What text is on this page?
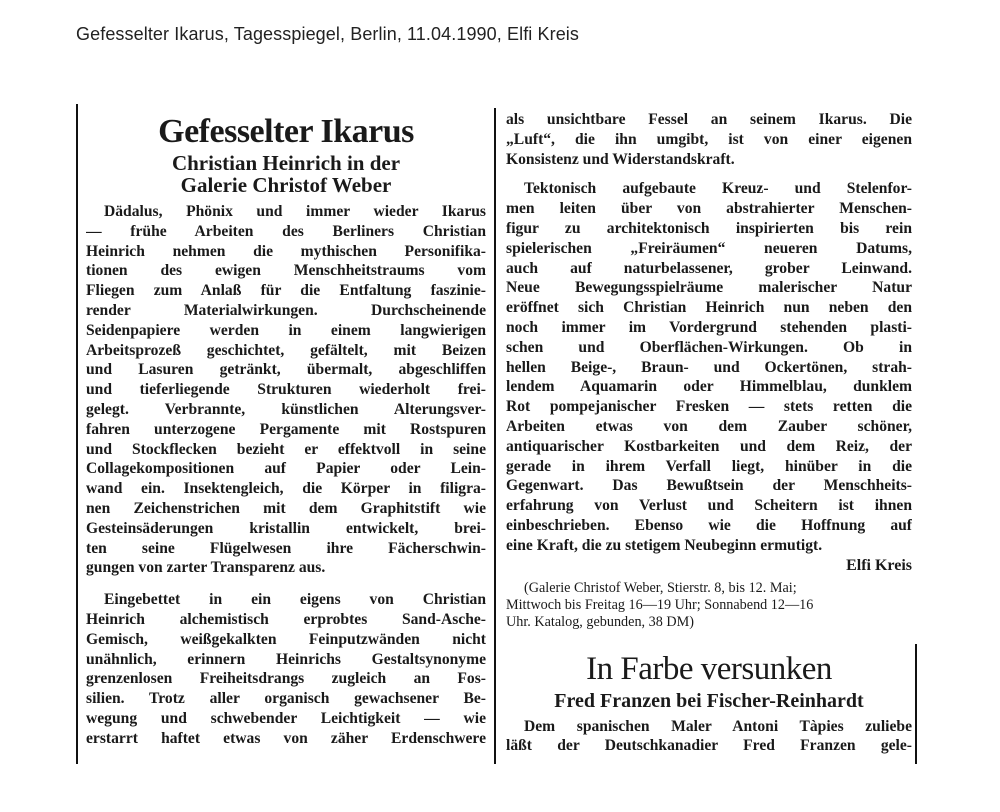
Gefesselter Ikarus, Tagesspiegel, Berlin, 11.04.1990, Elfi Kreis
Gefesselter Ikarus
Christian Heinrich in der
Galerie Christof Weber
Dädalus, Phönix und immer wieder Ikarus
— frühe Arbeiten des Berliners Christian
Heinrich nehmen die mythischen Personifika-
tionen des ewigen Menschheitstraums vom
Fliegen zum Anlaß für die Entfaltung faszinie-
render Materialwirkungen. Durchscheinende
Seidenpapiere werden in einem langwierigen
Arbeitsprozeß geschichtet, gefältelt, mit Beizen
und Lasuren getränkt, übermalt, abgeschliffen
und tieferliegende Strukturen wiederholt frei-
gelegt. Verbrannte, künstlichen Alterungsver-
fahren unterzogene Pergamente mit Rostspuren
und Stockflecken bezieht er effektvoll in seine
Collagekompositionen auf Papier oder Lein-
wand ein. Insektengleich, die Körper in filigra-
nen Zeichenstrichen mit dem Graphitstift wie
Gesteinsäderungen kristallin entwickelt, brei-
ten seine Flügelwesen ihre Fächerschwin-
gungen von zarter Transparenz aus.
Eingebettet in ein eigens von Christian
Heinrich alchemistisch erprobtes Sand-Asche-
Gemisch, weißgekalkten Feinputzwänden nicht
unähnlich, erinnern Heinrichs Gestaltsynonyme
grenzenlosen Freiheitsdrangs zugleich an Fos-
silien. Trotz aller organisch gewachsener Be-
wegung und schwebender Leichtigkeit — wie
erstarrt haftet etwas von zäher Erdenschwere
als unsichtbare Fessel an seinem Ikarus. Die
„Luft“, die ihn umgibt, ist von einer eigenen
Konsistenz und Widerstandskraft.
Tektonisch aufgebaute Kreuz- und Stelenfor-
men leiten über von abstrahierter Menschen-
figur zu architektonisch inspirierten bis rein
spielerischen „Freiräumen“ neueren Datums,
auch auf naturbelassener, grober Leinwand.
Neue Bewegungsspielräume malerischer Natur
eröffnet sich Christian Heinrich nun neben den
noch immer im Vordergrund stehenden plasti-
schen und Oberflächen-Wirkungen. Ob in
hellen Beige-, Braun- und Ockertönen, strah-
lendem Aquamarin oder Himmelblau, dunklem
Rot pompejanischer Fresken — stets retten die
Arbeiten etwas von dem Zauber schöner,
antiquarischer Kostbarkeiten und dem Reiz, der
gerade in ihrem Verfall liegt, hinüber in die
Gegenwart. Das Bewußtsein der Menschheits-
erfahrung von Verlust und Scheitern ist ihnen
einbeschrieben. Ebenso wie die Hoffnung auf
eine Kraft, die zu stetigem Neubeginn ermutigt.
Elfi Kreis
(Galerie Christof Weber, Stierstr. 8, bis 12. Mai;
Mittwoch bis Freitag 16—19 Uhr; Sonnabend 12—16
Uhr. Katalog, gebunden, 38 DM)
In Farbe versunken
Fred Franzen bei Fischer-Reinhardt
Dem spanischen Maler Antoni Tàpies zuliebe
läßt der Deutschkanadier Fred Franzen gele-
